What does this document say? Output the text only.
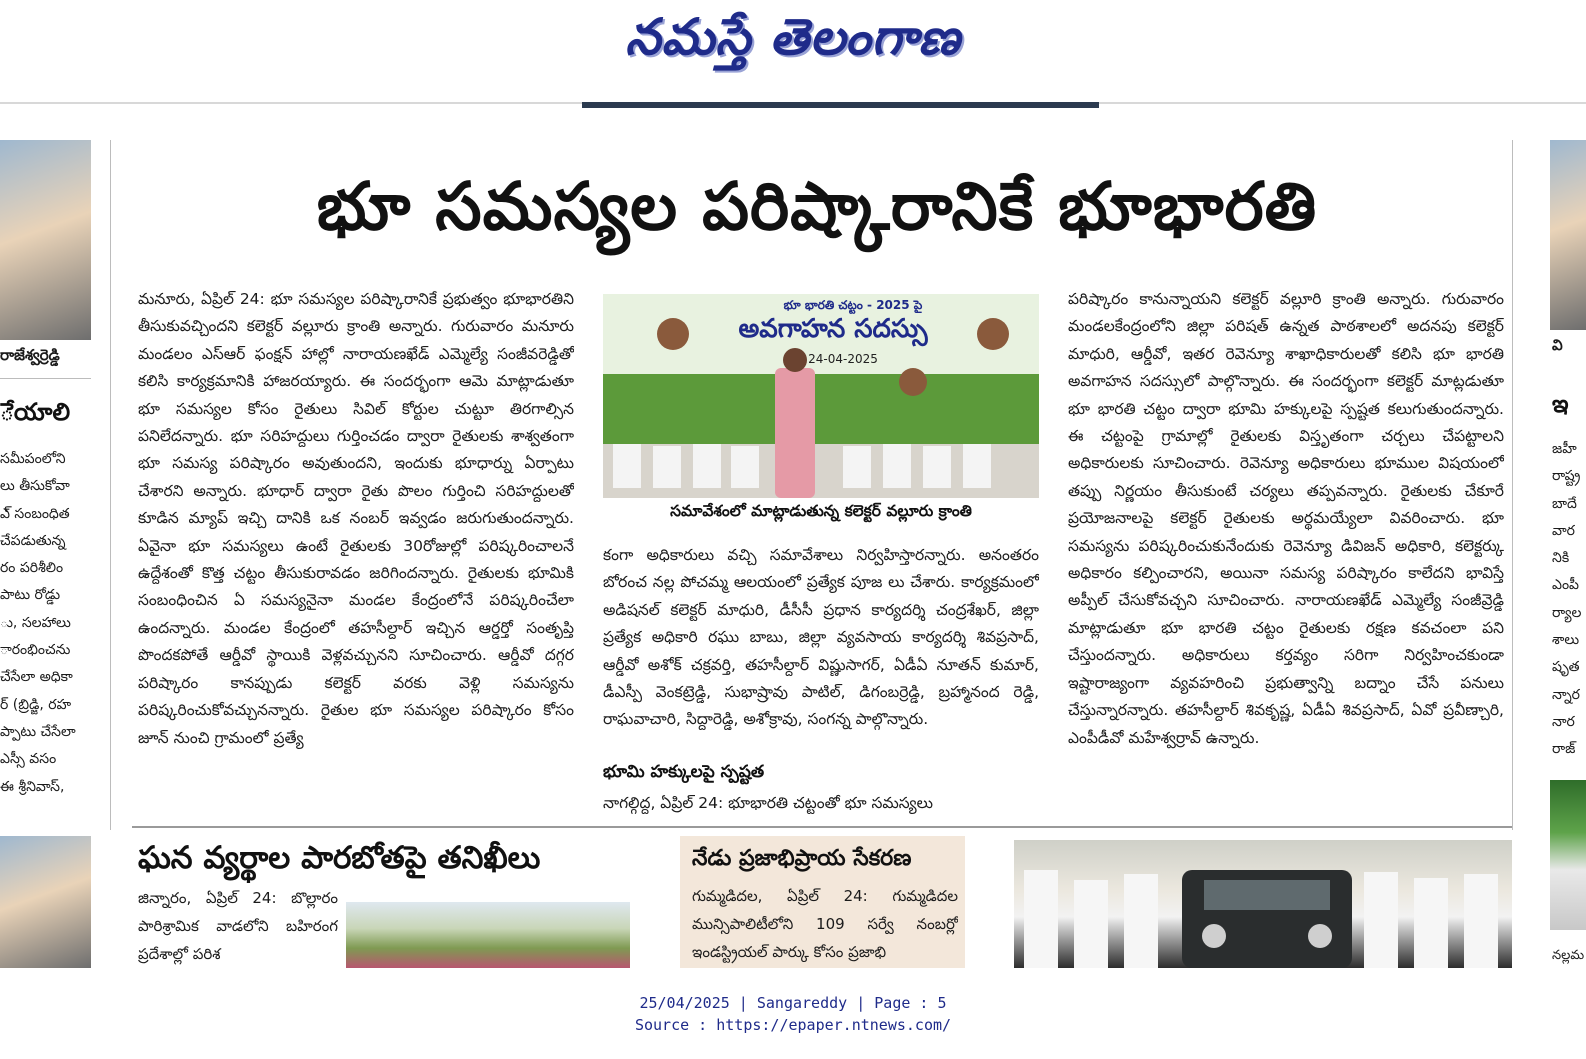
నమస్తే తెలంగాణ
రాజేశ్వర్రెడ్డి
ేయాలి
సమీపంలోని
లు తీసుకోవా
ఎ్ సంబంధిత
చేపడుతున్న
రం పరిశీలిం
పాటు రోడ్డు
ు, సలహాలు
ారంభించను
చేసేలా అధికా
ర్ (బ్రిడ్జి, రహ
ప్పాటు చేసేలా
ఎస్సీ వసం
ఈ శ్రీనివాస్,
భూ సమస్యల పరిష్కారానికే భూభారతి
మనూరు, ఏప్రిల్ 24: భూ సమస్యల పరిష్కారానికే ప్రభుత్వం భూభారతిని తీసుకువచ్చిందని కలెక్టర్ వల్లూరు క్రాంతి అన్నారు. గురువారం మనూరు మండలం ఎస్ఆర్ ఫంక్షన్ హాల్లో నారాయణఖేడ్ ఎమ్మెల్యే సంజీవరెడ్డితో కలిసి కార్యక్రమానికి హాజరయ్యారు. ఈ సందర్భంగా ఆమె మాట్లాడుతూ భూ సమస్యల కోసం రైతులు సివిల్ కోర్టుల చుట్టూ తిరగాల్సిన పనిలేదన్నారు. భూ సరిహద్దులు గుర్తించడం ద్వారా రైతులకు శాశ్వతంగా భూ సమస్య పరిష్కారం అవుతుందని, ఇందుకు భూధార్ను ఏర్పాటు చేశారని అన్నారు. భూధార్ ద్వారా రైతు పొలం గుర్తించి సరిహద్దులతో కూడిన మ్యాప్ ఇచ్చి దానికి ఒక నంబర్ ఇవ్వడం జరుగుతుందన్నారు. ఏవైనా భూ సమస్యలు ఉంటే రైతులకు 30రోజుల్లో పరిష్కరించాలనే ఉద్దేశంతో కొత్త చట్టం తీసుకురావడం జరిగిందన్నారు. రైతులకు భూమికి సంబంధించిన ఏ సమస్యనైనా మండల కేంద్రంలోనే పరిష్కరించేలా ఉందన్నారు. మండల కేంద్రంలో తహసీల్దార్ ఇచ్చిన ఆర్డర్తో సంతృప్తి పొందకపోతే ఆర్డీవో స్థాయికి వెళ్లవచ్చునని సూచించారు. ఆర్డీవో దగ్గర పరిష్కారం కానప్పుడు కలెక్టర్ వరకు వెళ్లి సమస్యను పరిష్కరించుకోవచ్చునన్నారు. రైతుల భూ సమస్యల పరిష్కారం కోసం జూన్ నుంచి గ్రామంలో ప్రత్యే
భూ భారతి చట్టం - 2025 పై
అవగాహన సదస్సు
24-04-2025
సమావేశంలో మాట్లాడుతున్న కలెక్టర్ వల్లూరు క్రాంతి
కంగా అధికారులు వచ్చి సమావేశాలు నిర్వహిస్తారన్నారు. అనంతరం బోరంచ నల్ల పోచమ్మ ఆలయంలో ప్రత్యేక పూజ లు చేశారు. కార్యక్రమంలో అడిషనల్ కలెక్టర్ మాధురి, డీసీసీ ప్రధాన కార్యదర్శి చంద్రశేఖర్, జిల్లా ప్రత్యేక అధికారి రఘు బాబు, జిల్లా వ్యవసాయ కార్యదర్శి శివప్రసాద్, ఆర్డీవో అశోక్ చక్రవర్తి, తహసీల్దార్ విష్ణుసాగర్, ఏడీఏ నూతన్ కుమార్, డీఎస్పీ వెంకట్రెడ్డి, సుభాష్రావు పాటిల్, డిగంబర్రెడ్డి, బ్రహ్మానంద రెడ్డి, రాఘవాచారి, సిద్దారెడ్డి, అశోక్రావు, సంగన్న పాల్గొన్నారు.
భూమి హక్కులపై స్పష్టత
నాగల్గిద్ద, ఏప్రిల్ 24: భూభారతి చట్టంతో భూ సమస్యలు
పరిష్కారం కానున్నాయని కలెక్టర్ వల్లూరి క్రాంతి అన్నారు. గురువారం మండలకేంద్రంలోని జిల్లా పరిషత్ ఉన్నత పాఠశాలలో అదనపు కలెక్టర్ మాధురి, ఆర్డీవో, ఇతర రెవెన్యూ శాఖాధికారులతో కలిసి భూ భారతి అవగాహన సదస్సులో పాల్గొన్నారు. ఈ సందర్భంగా కలెక్టర్ మాట్లడుతూ భూ భారతి చట్టం ద్వారా భూమి హక్కులపై స్పష్టత కలుగుతుందన్నారు. ఈ చట్టంపై గ్రామాల్లో రైతులకు విస్తృతంగా చర్చలు చేపట్టాలని అధికారులకు సూచించారు. రెవెన్యూ అధికారులు భూముల విషయంలో తప్పు నిర్ణయం తీసుకుంటే చర్యలు తప్పవన్నారు. రైతులకు చేకూరే ప్రయోజనాలపై కలెక్టర్ రైతులకు అర్థమయ్యేలా వివరించారు. భూ సమస్యను పరిష్కరించుకునేందుకు రెవెన్యూ డివిజన్ అధికారి, కలెక్టర్కు అధికారం కల్పించారని, అయినా సమస్య పరిష్కారం కాలేదని భావిస్తే అప్పీల్ చేసుకోవచ్చని సూచించారు. నారాయణఖేడ్ ఎమ్మెల్యే సంజీవ్రెడ్డి మాట్లాడుతూ భూ భారతి చట్టం రైతులకు రక్షణ కవచంలా పని చేస్తుందన్నారు. అధికారులు కర్తవ్యం సరిగా నిర్వహించకుండా ఇష్టారాజ్యంగా వ్యవహరించి ప్రభుత్వాన్ని బద్నాం చేసే పనులు చేస్తున్నారన్నారు. తహసీల్దార్ శివకృష్ణ, ఏడీఏ శివప్రసాద్, ఏవో ప్రవీణ్చారి, ఎంపీడీవో మహేశ్వర్రావ్ ఉన్నారు.
వి
ఇ
జహీ
రాష్ట్ర
బాదే
వార
నికి
ఎంపీ
ర్యాల
శాలు
షృత
న్నార
నార
రాజ్
నల్లమ
ఘన వ్యర్థాల పారబోతపై తనిఖీలు
జిన్నారం, ఏప్రిల్ 24: బొల్లారం పారిశ్రామిక వాడలోని బహిరంగ ప్రదేశాల్లో పరిశ
నేడు ప్రజాభిప్రాయ సేకరణ
గుమ్మడిదల, ఏప్రిల్ 24: గుమ్మడిదల మున్సిపాలిటీలోని 109 సర్వే నంబర్లో ఇండస్ట్రియల్ పార్కు కోసం ప్రజాభి
25/04/2025 | Sangareddy | Page : 5
Source : https://epaper.ntnews.com/
